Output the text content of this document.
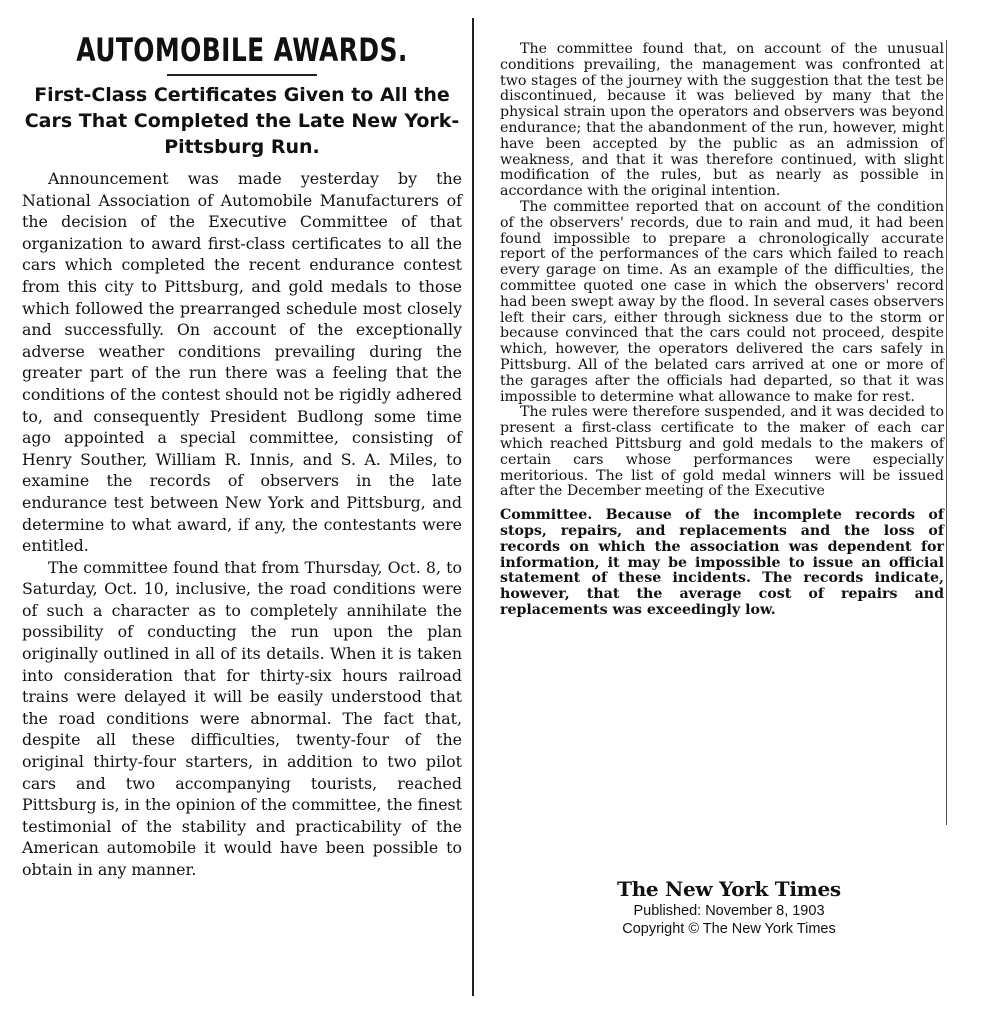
AUTOMOBILE AWARDS.
First-Class Certificates Given to All the Cars That Completed the Late New York-Pittsburg Run.

Announcement was made yesterday by the National Association of Automobile Manufacturers of the decision of the Executive Committee of that organization to award first-class certificates to all the cars which completed the recent endurance contest from this city to Pittsburg, and gold medals to those which followed the prearranged schedule most closely and successfully. On account of the exceptionally adverse weather conditions prevailing during the greater part of the run there was a feeling that the conditions of the contest should not be rigidly adhered to, and consequently President Budlong some time ago appointed a special committee, consisting of Henry Souther, William R. Innis, and S. A. Miles, to examine the records of observers in the late endurance test between New York and Pittsburg, and determine to what award, if any, the contestants were entitled.

The committee found that from Thursday, Oct. 8, to Saturday, Oct. 10, inclusive, the road conditions were of such a character as to completely annihilate the possibility of conducting the run upon the plan originally outlined in all of its details. When it is taken into consideration that for thirty-six hours railroad trains were delayed it will be easily understood that the road conditions were abnormal. The fact that, despite all these difficulties, twenty-four of the original thirty-four starters, in addition to two pilot cars and two accompanying tourists, reached Pittsburg is, in the opinion of the committee, the finest testimonial of the stability and practicability of the American automobile it would have been possible to obtain in any manner.

The committee found that, on account of the unusual conditions prevailing, the management was confronted at two stages of the journey with the suggestion that the test be discontinued, because it was believed by many that the physical strain upon the operators and observers was beyond endurance; that the abandonment of the run, however, might have been accepted by the public as an admission of weakness, and that it was therefore continued, with slight modification of the rules, but as nearly as possible in accordance with the original intention.

The committee reported that on account of the condition of the observers' records, due to rain and mud, it had been found impossible to prepare a chronologically accurate report of the performances of the cars which failed to reach every garage on time. As an example of the difficulties, the committee quoted one case in which the observers' record had been swept away by the flood. In several cases observers left their cars, either through sickness due to the storm or because convinced that the cars could not proceed, despite which, however, the operators delivered the cars safely in Pittsburg. All of the belated cars arrived at one or more of the garages after the officials had departed, so that it was impossible to determine what allowance to make for rest.

The rules were therefore suspended, and it was decided to present a first-class certificate to the maker of each car which reached Pittsburg and gold medals to the makers of certain cars whose performances were especially meritorious. The list of gold medal winners will be issued after the December meeting of the Executive

Committee. Because of the incomplete records of stops, repairs, and replacements and the loss of records on which the association was dependent for information, it may be impossible to issue an official statement of these incidents. The records indicate, however, that the average cost of repairs and replacements was exceedingly low.

The New York Times
Published: November 8, 1903
Copyright © The New York Times
